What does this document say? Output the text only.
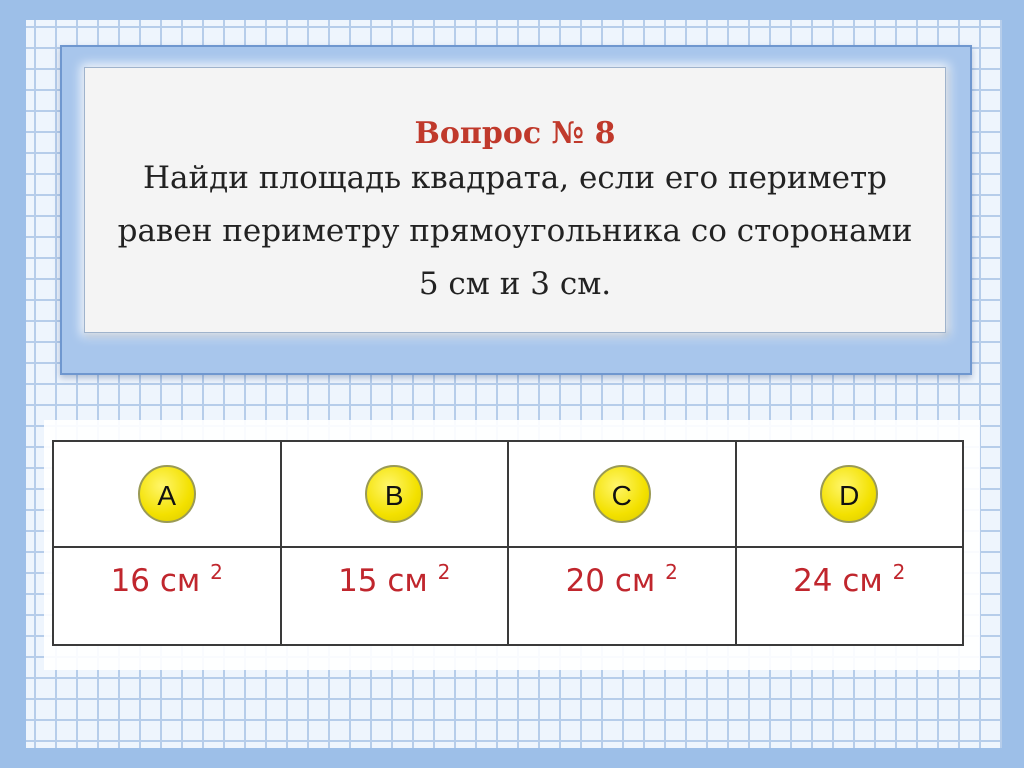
Вопрос № 8
Найди площадь квадрата, если его периметр равен периметру прямоугольника со сторонами 5 см и 3 см.
A	B	C	D
16 см $^2$	15 см $^2$	20 см $^2$	24 см $^2$
